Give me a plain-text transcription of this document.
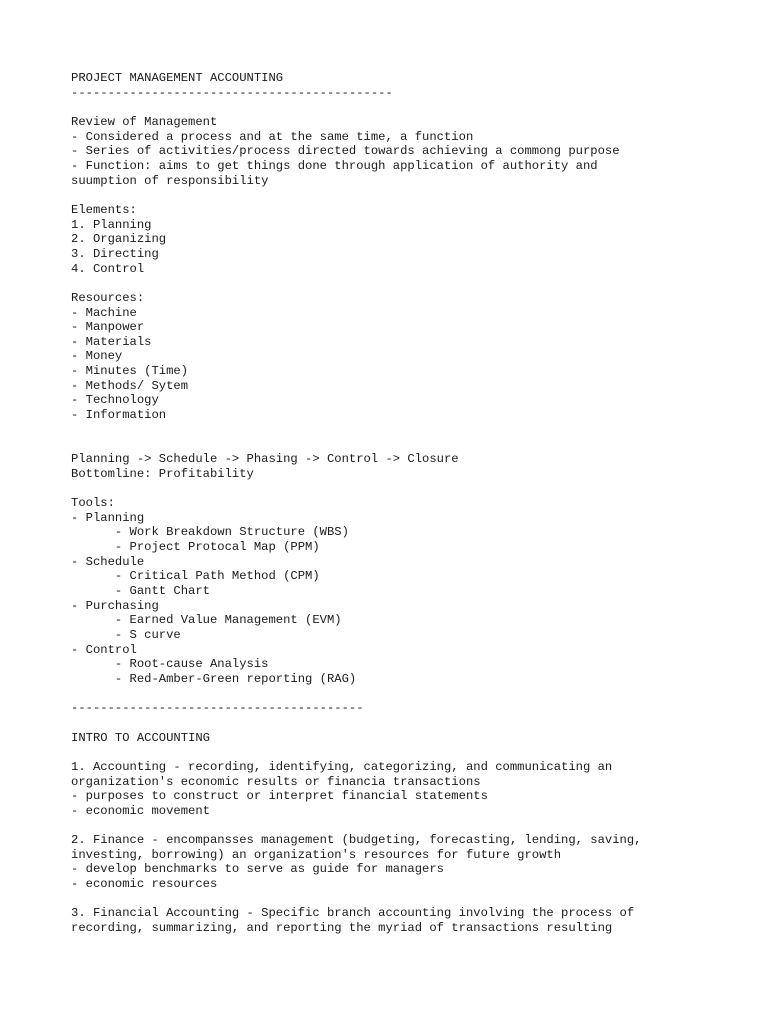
PROJECT MANAGEMENT ACCOUNTING
--------------------------------------------

Review of Management
- Considered a process and at the same time, a function
- Series of activities/process directed towards achieving a commong purpose
- Function: aims to get things done through application of authority and
suumption of responsibility

Elements:
1. Planning
2. Organizing
3. Directing
4. Control

Resources:
- Machine
- Manpower
- Materials
- Money
- Minutes (Time)
- Methods/ Sytem
- Technology
- Information

Planning -> Schedule -> Phasing -> Control -> Closure
Bottomline: Profitability

Tools:
- Planning
- Work Breakdown Structure (WBS)
- Project Protocal Map (PPM)
- Schedule
- Critical Path Method (CPM)
- Gantt Chart
- Purchasing
- Earned Value Management (EVM)
- S curve
- Control
- Root-cause Analysis
- Red-Amber-Green reporting (RAG)

----------------------------------------

INTRO TO ACCOUNTING

1. Accounting - recording, identifying, categorizing, and communicating an
organization's economic results or financia transactions
- purposes to construct or interpret financial statements
- economic movement

2. Finance - encompansses management (budgeting, forecasting, lending, saving,
investing, borrowing) an organization's resources for future growth
- develop benchmarks to serve as guide for managers
- economic resources

3. Financial Accounting - Specific branch accounting involving the process of
recording, summarizing, and reporting the myriad of transactions resulting
